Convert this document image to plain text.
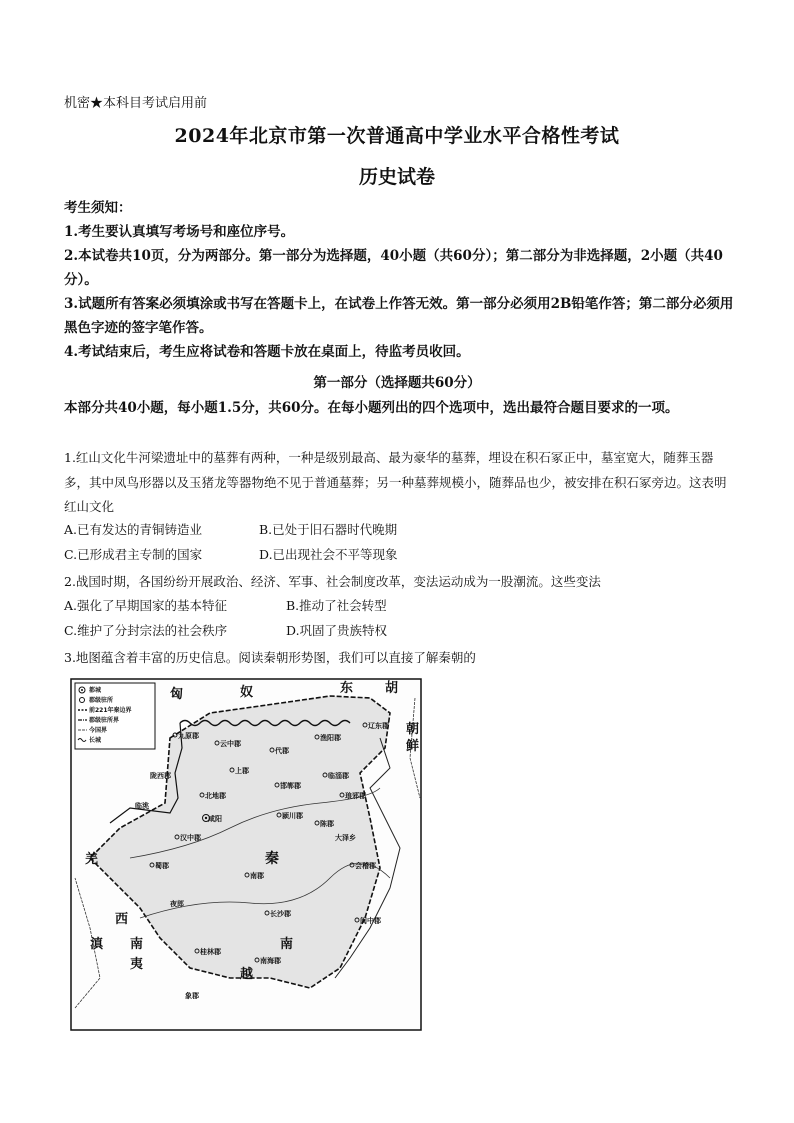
机密★本科目考试启用前
2024年北京市第一次普通高中学业水平合格性考试
历史试卷
考生须知：
1.考生要认真填写考场号和座位序号。
2.本试卷共10页，分为两部分。第一部分为选择题，40小题（共60分）；第二部分为非选择题，2小题（共40分）。
3.试题所有答案必须填涂或书写在答题卡上，在试卷上作答无效。第一部分必须用2B铅笔作答；第二部分必须用黑色字迹的签字笔作答。
4.考试结束后，考生应将试卷和答题卡放在桌面上，待监考员收回。
第一部分（选择题共60分）
本部分共40小题，每小题1.5分，共60分。在每小题列出的四个选项中，选出最符合题目要求的一项。
1.红山文化牛河梁遗址中的墓葬有两种，一种是级别最高、最为豪华的墓葬，埋设在积石冢正中，墓室宽大，随葬玉器多，其中凤鸟形器以及玉猪龙等器物绝不见于普通墓葬；另一种墓葬规模小，随葬品也少，被安排在积石冢旁边。这表明红山文化
A.已有发达的青铜铸造业	B.已处于旧石器时代晚期
C.已形成君主专制的国家	D.已出现社会不平等现象
2.战国时期，各国纷纷开展政治、经济、军事、社会制度改革，变法运动成为一股潮流。这些变法
A.强化了早期国家的基本特征	B.推动了社会转型
C.维护了分封宗法的社会秩序	D.巩固了贵族特权
3.地图蕴含着丰富的历史信息。阅读秦朝形势图，我们可以直接了解秦朝的
都城
郡级驻所
前221年秦边界
郡级驻所界
今国界
长城
匈	奴	东 胡
秦
南
越
羌
西
南
夷
滇
朝
鲜
九原郡
云中郡
渔阳郡
辽东郡
代郡
上郡
临淄郡
邯郸郡
琅邪郡
陇西郡
北地郡
咸阳	颍川郡
陈郡
大泽乡
临洮
汉中郡
南郡
会稽郡
蜀郡
长沙郡
闽中郡
夜郎
桂林郡
南海郡
象郡
